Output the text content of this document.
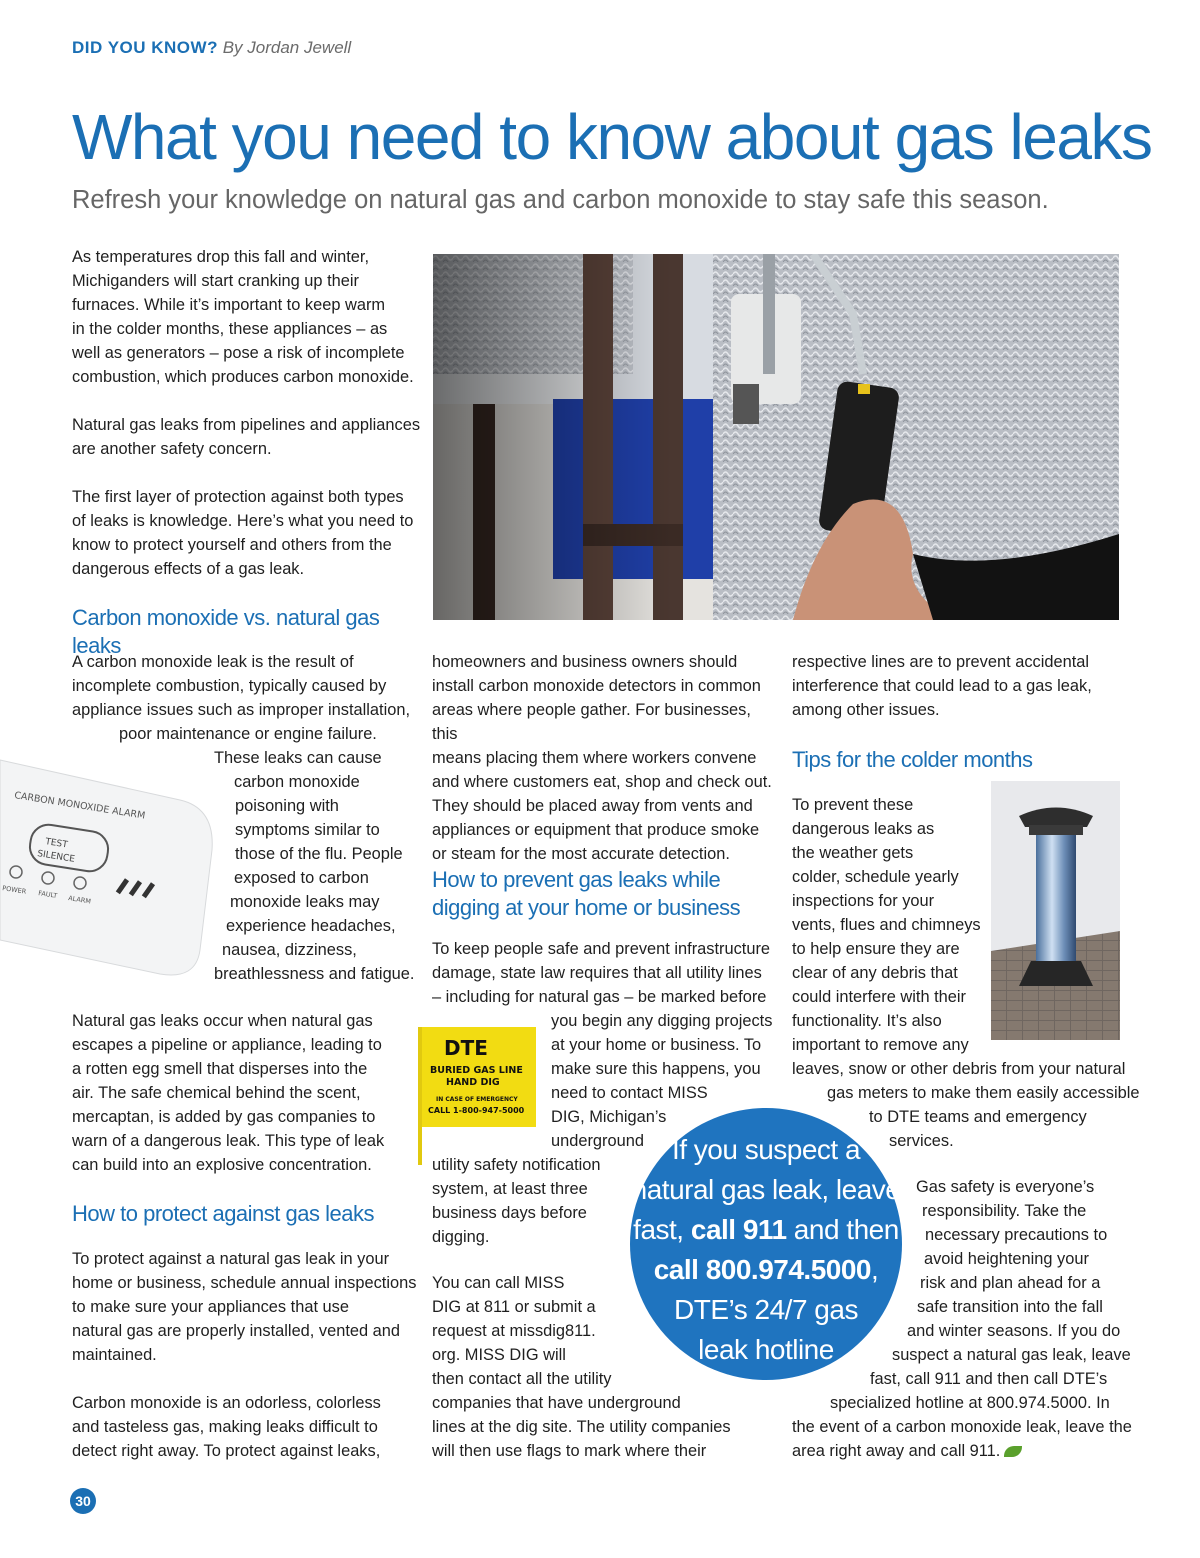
DID YOU KNOW? By Jordan Jewell
What you need to know about gas leaks
Refresh your knowledge on natural gas and carbon monoxide to stay safe this season.

As temperatures drop this fall and winter,
Michiganders will start cranking up their
furnaces. While it’s important to keep warm
in the colder months, these appliances – as
well as generators – pose a risk of incomplete
combustion, which produces carbon monoxide.

Natural gas leaks from pipelines and appliances
are another safety concern.

The first layer of protection against both types
of leaks is knowledge. Here’s what you need to
know to protect yourself and others from the
dangerous effects of a gas leak.

Carbon monoxide vs. natural gas leaks
A carbon monoxide leak is the result of
incomplete combustion, typically caused by
appliance issues such as improper installation,
poor maintenance or engine failure.
These leaks can cause
carbon monoxide
poisoning with
symptoms similar to
those of the flu. People
exposed to carbon
monoxide leaks may
experience headaches,
nausea, dizziness,
breathlessness and fatigue.
CARBON MONOXIDE ALARM
TEST
SILENCE
POWER FAULT ALARM
Natural gas leaks occur when natural gas
escapes a pipeline or appliance, leading to
a rotten egg smell that disperses into the
air. The safe chemical behind the scent,
mercaptan, is added by gas companies to
warn of a dangerous leak. This type of leak
can build into an explosive concentration.
How to protect against gas leaks

To protect against a natural gas leak in your
home or business, schedule annual inspections
to make sure your appliances that use
natural gas are properly installed, vented and
maintained.

Carbon monoxide is an odorless, colorless
and tasteless gas, making leaks difficult to
detect right away. To protect against leaks,

homeowners and business owners should
install carbon monoxide detectors in common
areas where people gather. For businesses, this
means placing them where workers convene
and where customers eat, shop and check out.
They should be placed away from vents and
appliances or equipment that produce smoke
or steam for the most accurate detection.
How to prevent gas leaks while
digging at your home or business
To keep people safe and prevent infrastructure
damage, state law requires that all utility lines
– including for natural gas – be marked before
you begin any digging projects
at your home or business. To
make sure this happens, you
need to contact MISS
DIG, Michigan’s
underground
utility safety notification
system, at least three
business days before
digging.
You can call MISS
DIG at 811 or submit a
request at missdig811.
org. MISS DIG will
then contact all the utility
companies that have underground
lines at the dig site. The utility companies
will then use flags to mark where their
DTE
BURIED GAS LINE
HAND DIG
IN CASE OF EMERGENCY
CALL 1-800-947-5000
respective lines are to prevent accidental
interference that could lead to a gas leak,
among other issues.
Tips for the colder months
To prevent these
dangerous leaks as
the weather gets
colder, schedule yearly
inspections for your
vents, flues and chimneys
to help ensure they are
clear of any debris that
could interfere with their
functionality. It’s also
important to remove any
leaves, snow or other debris from your natural
gas meters to make them easily accessible
to DTE teams and emergency
services.
If you suspect a
natural gas leak, leave
fast, call 911 and then
call 800.974.5000,
DTE’s 24/7 gas
leak hotline
Gas safety is everyone’s
responsibility. Take the
necessary precautions to
avoid heightening your
risk and plan ahead for a
safe transition into the fall
and winter seasons. If you do
suspect a natural gas leak, leave
fast, call 911 and then call DTE’s
specialized hotline at 800.974.5000. In
the event of a carbon monoxide leak, leave the
area right away and call 911.
30
